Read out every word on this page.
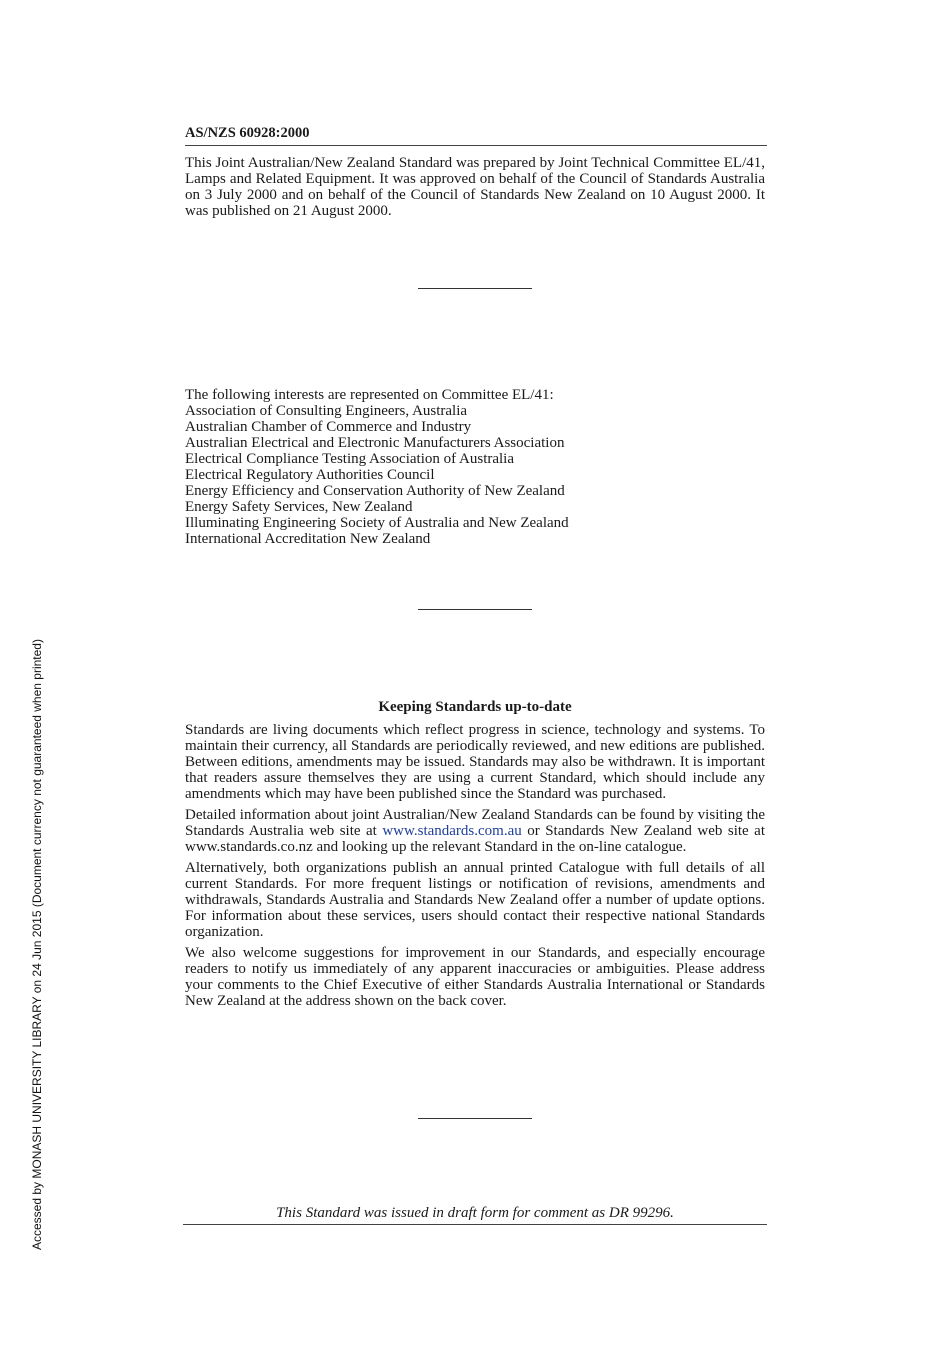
Accessed by MONASH UNIVERSITY LIBRARY on 24 Jun 2015 (Document currency not guaranteed when printed)
AS/NZS 60928:2000

This Joint Australian/New Zealand Standard was prepared by Joint Technical Committee EL/41, Lamps and Related Equipment. It was approved on behalf of the Council of Standards Australia on 3 July 2000 and on behalf of the Council of Standards New Zealand on 10 August 2000. It was published on 21 August 2000.

The following interests are represented on Committee EL/41:
Association of Consulting Engineers, Australia
Australian Chamber of Commerce and Industry
Australian Electrical and Electronic Manufacturers Association
Electrical Compliance Testing Association of Australia
Electrical Regulatory Authorities Council
Energy Efficiency and Conservation Authority of New Zealand
Energy Safety Services, New Zealand
Illuminating Engineering Society of Australia and New Zealand
International Accreditation New Zealand
Keeping Standards up-to-date

Standards are living documents which reflect progress in science, technology and systems. To maintain their currency, all Standards are periodically reviewed, and new editions are published. Between editions, amendments may be issued. Standards may also be withdrawn. It is important that readers assure themselves they are using a current Standard, which should include any amendments which may have been published since the Standard was purchased.

Detailed information about joint Australian/New Zealand Standards can be found by visiting the Standards Australia web site at www.standards.com.au or Standards New Zealand web site at www.standards.co.nz and looking up the relevant Standard in the on-line catalogue.

Alternatively, both organizations publish an annual printed Catalogue with full details of all current Standards. For more frequent listings or notification of revisions, amendments and withdrawals, Standards Australia and Standards New Zealand offer a number of update options. For information about these services, users should contact their respective national Standards organization.

We also welcome suggestions for improvement in our Standards, and especially encourage readers to notify us immediately of any apparent inaccuracies or ambiguities. Please address your comments to the Chief Executive of either Standards Australia International or Standards New Zealand at the address shown on the back cover.

This Standard was issued in draft form for comment as DR 99296.
